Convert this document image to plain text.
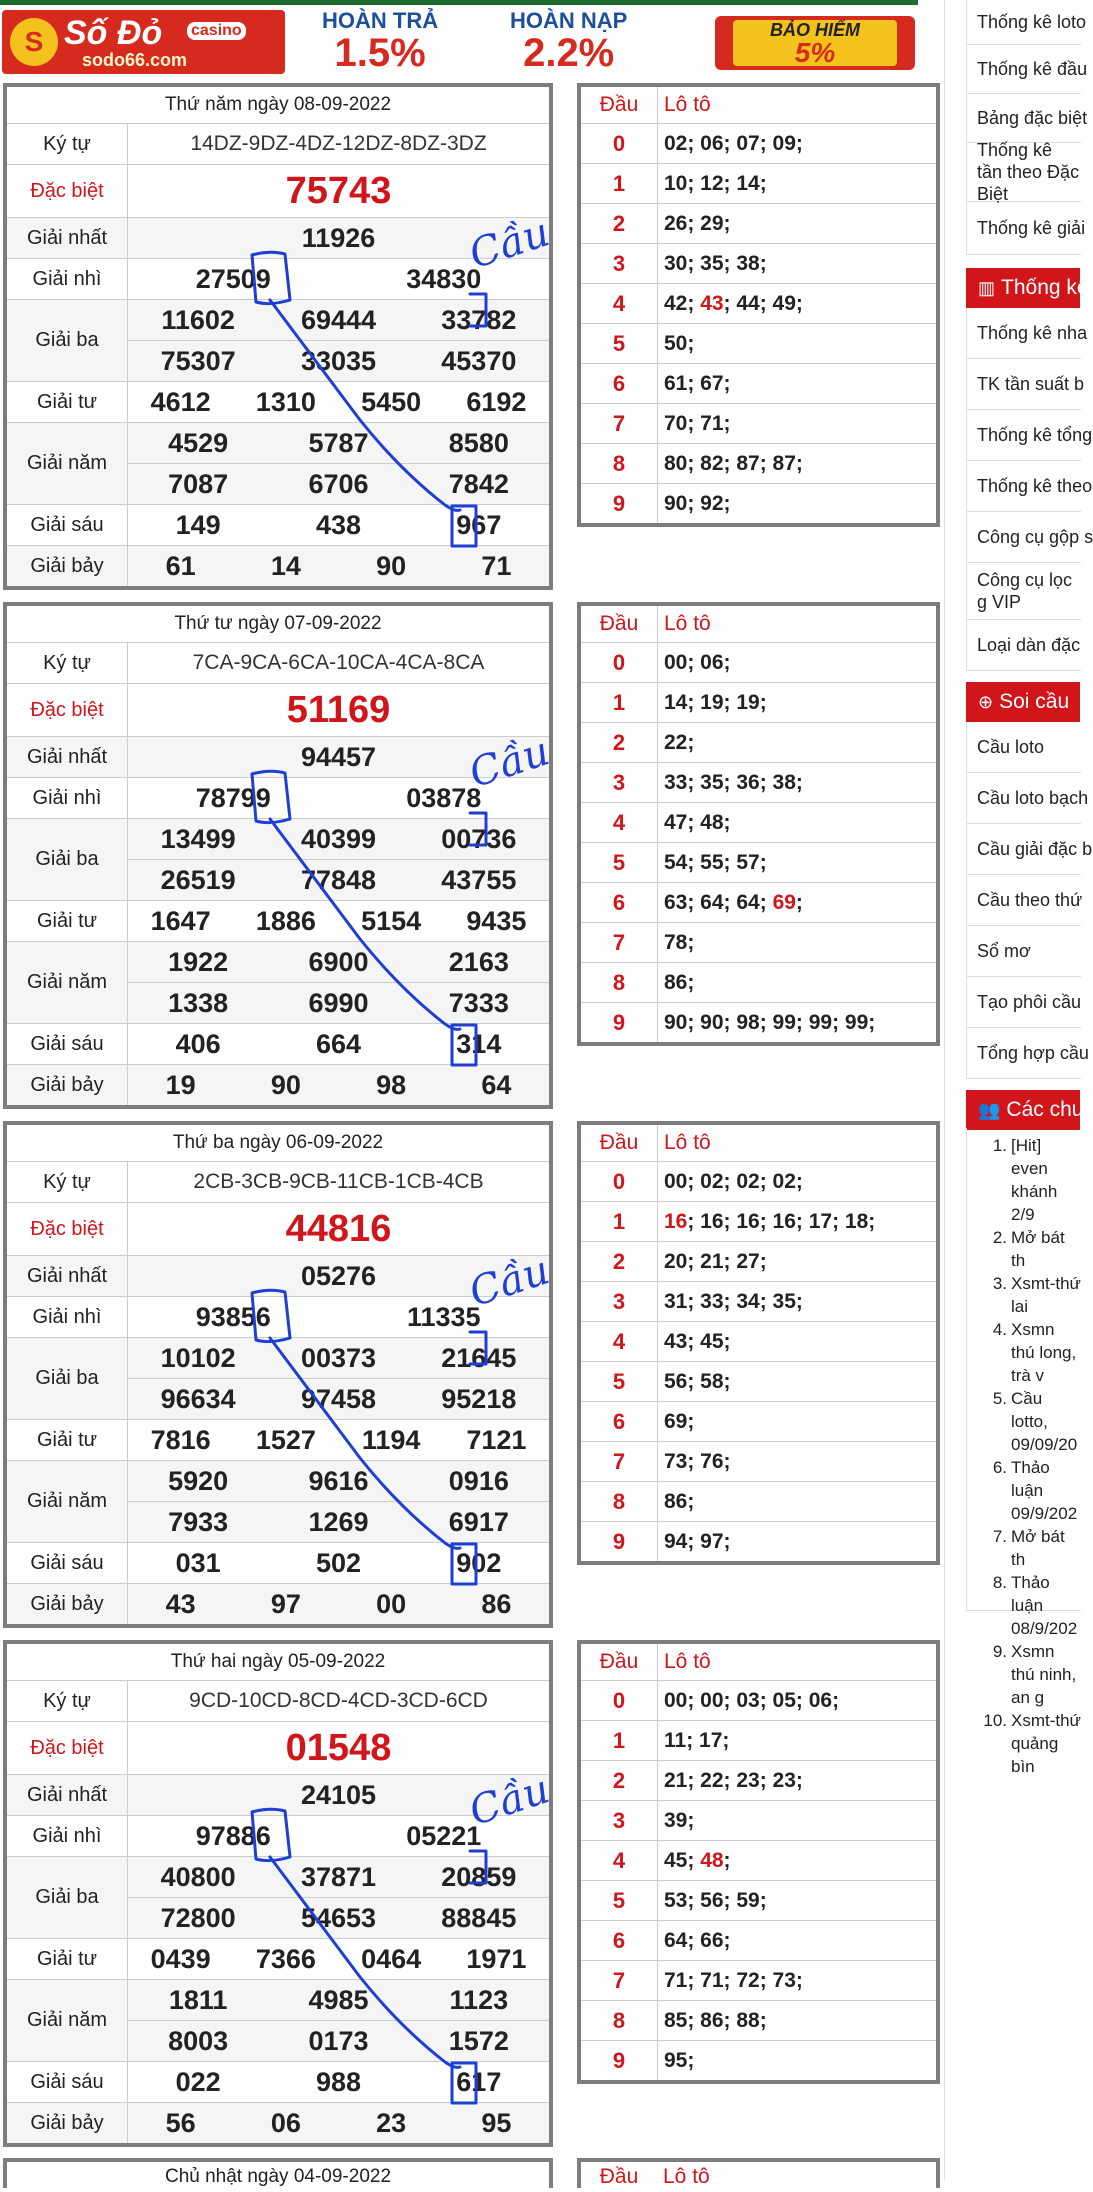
S Số Đỏ casino
sodo66.com
HOÀN TRẢ
1.5%
HOÀN NẠP
2.2%
BẢO HIỂM
5%
Thứ năm ngày 08-09-2022
Ký tự	14DZ-9DZ-4DZ-12DZ-8DZ-3DZ
Đặc biệt	75743
Giải nhất	11926
Giải nhì	27509	34830
Giải ba
11602	69444	33782
75307	33035	45370
Giải tư	4612	1310	5450	6192
Giải năm
4529	5787	8580
7087	6706	7842
Giải sáu	149	438	967
Giải bảy	61	14	90	71
Đầu	Lô tô
0	02; 06; 07; 09;
1	10; 12; 14;
2	26; 29;
3	30; 35; 38;
4	42; 43; 44; 49;
5	50;
6	61; 67;
7	70; 71;
8	80; 82; 87; 87;
9	90; 92;
Thứ tư ngày 07-09-2022
Ký tự	7CA-9CA-6CA-10CA-4CA-8CA
Đặc biệt	51169
Giải nhất	94457
Giải nhì	78799	03878
Giải ba
13499	40399	00736
26519	77848	43755
Giải tư	1647	1886	5154	9435
Giải năm
1922	6900	2163
1338	6990	7333
Giải sáu	406	664	314
Giải bảy	19	90	98	64
Đầu	Lô tô
0	00; 06;
1	14; 19; 19;
2	22;
3	33; 35; 36; 38;
4	47; 48;
5	54; 55; 57;
6	63; 64; 64; 69;
7	78;
8	86;
9	90; 90; 98; 99; 99; 99;
Thứ ba ngày 06-09-2022
Ký tự	2CB-3CB-9CB-11CB-1CB-4CB
Đặc biệt	44816
Giải nhất	05276
Giải nhì	93856	11335
Giải ba
10102	00373	21645
96634	97458	95218
Giải tư	7816	1527	1194	7121
Giải năm
5920	9616	0916
7933	1269	6917
Giải sáu	031	502	902
Giải bảy	43	97	00	86
Đầu	Lô tô
0	00; 02; 02; 02;
1	16; 16; 16; 16; 17; 18;
2	20; 21; 27;
3	31; 33; 34; 35;
4	43; 45;
5	56; 58;
6	69;
7	73; 76;
8	86;
9	94; 97;
Thứ hai ngày 05-09-2022
Ký tự	9CD-10CD-8CD-4CD-3CD-6CD
Đặc biệt	01548
Giải nhất	24105
Giải nhì	97886	05221
Giải ba
40800	37871	20859
72800	54653	88845
Giải tư	0439	7366	0464	1971
Giải năm
1811	4985	1123
8003	0173	1572
Giải sáu	022	988	617
Giải bảy	56	06	23	95
Đầu	Lô tô
0	00; 00; 03; 05; 06;
1	11; 17;
2	21; 22; 23; 23;
3	39;
4	45; 48;
5	53; 56; 59;
6	64; 66;
7	71; 71; 72; 73;
8	85; 86; 88;
9	95;
Chủ nhật ngày 04-09-2022	Đầu	Lô tô
Thống kê loto
Thống kê đầu
Bảng đặc biệt
Thống kê tần theo Đặc Biệt
Thống kê giải
▥ Thống kê
Thống kê nha
TK tần suất b
Thống kê tổng
Thống kê theo
Công cụ gộp s
Công cụ lọc g VIP
Loại dàn đặc
⊕ Soi cầu
Cầu loto
Cầu loto bạch
Cầu giải đặc b
Cầu theo thứ
Sổ mơ
Tạo phôi cầu
Tổng hợp cầu
👥 Các chu
1. [Hit] even khánh 2/9
2. Mở bát th
3. Xsmt-thứ lai
4. Xsmn thú long, trà v
5. Cầu lotto, 09/09/20
6. Thảo luận 09/9/202
7. Mở bát th
8. Thảo luận 08/9/202
9. Xsmn thú ninh, an g
10. Xsmt-thứ quảng bìn
Cầu
Cầu
Cầu
Cầu
